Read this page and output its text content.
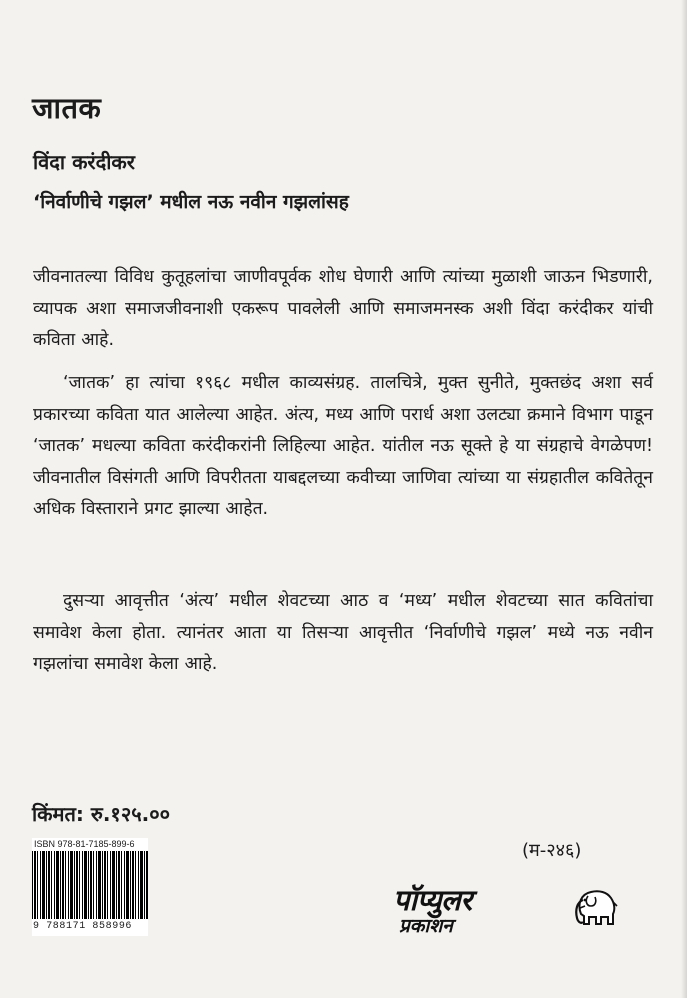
जातक
विंदा करंदीकर
‘निर्वाणीचे गझल’ मधील नऊ नवीन गझलांसह
जीवनातल्या विविध कुतूहलांचा जाणीवपूर्वक शोध घेणारी आणि त्यांच्या मुळाशी जाऊन भिडणारी, व्यापक अशा समाजजीवनाशी एकरूप पावलेली आणि समाजमनस्क अशी विंदा करंदीकर यांची कविता आहे.
‘जातक’ हा त्यांचा १९६८ मधील काव्यसंग्रह. तालचित्रे, मुक्त सुनीते, मुक्तछंद अशा सर्व प्रकारच्या कविता यात आलेल्या आहेत. अंत्य, मध्य आणि परार्ध अशा उलट्या क्रमाने विभाग पाडून ‘जातक’ मधल्या कविता करंदीकरांनी लिहिल्या आहेत. यांतील नऊ सूक्ते हे या संग्रहाचे वेगळेपण! जीवनातील विसंगती आणि विपरीतता याबद्दलच्या कवीच्या जाणिवा त्यांच्या या संग्रहातील कवितेतून अधिक विस्ताराने प्रगट झाल्या आहेत.
दुसऱ्या आवृत्तीत ‘अंत्य’ मधील शेवटच्या आठ व ‘मध्य’ मधील शेवटच्या सात कवितांचा समावेश केला होता. त्यानंतर आता या तिसऱ्या आवृत्तीत ‘निर्वाणीचे गझल’ मध्ये नऊ नवीन गझलांचा समावेश केला आहे.
किंमत: रु.१२५.००
ISBN 978-81-7185-899-6
9 788171 858996
(म-२४६)
पॉप्युलर
प्रकाशन
